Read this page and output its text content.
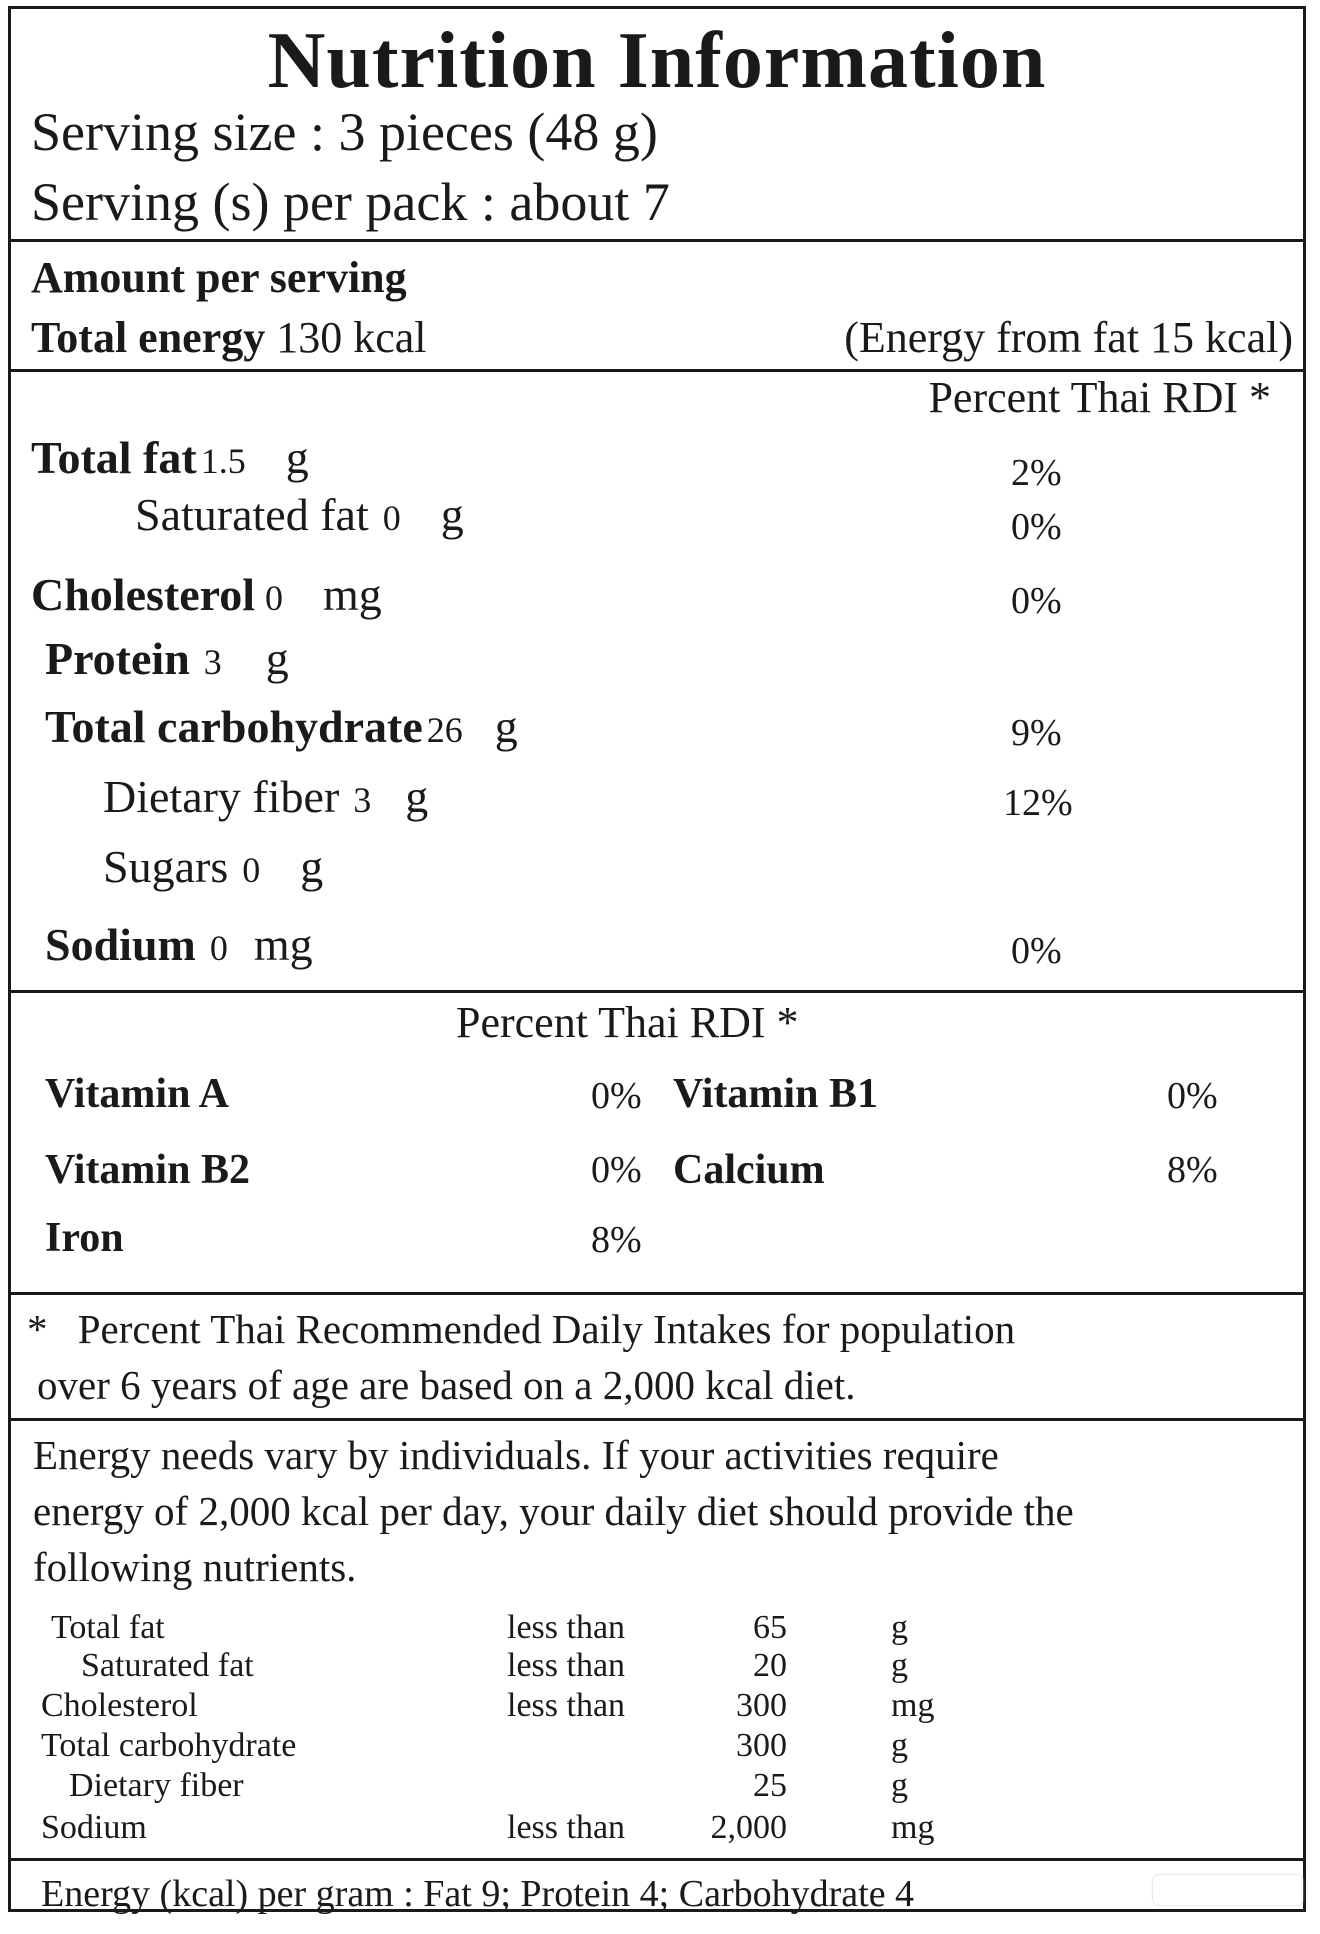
Nutrition Information
Serving size : 3 pieces (48 g)
Serving (s) per pack : about 7
Amount per serving
Total energy 130 kcal	(Energy from fat 15 kcal)
Percent Thai RDI *
Total fat 1.5 g	2%
Saturated fat 0 g	0%
Cholesterol 0 mg	0%
Protein 3 g
Total carbohydrate 26 g	9%
Dietary fiber 3 g	12%
Sugars 0 g
Sodium 0 mg	0%
Percent Thai RDI *
Vitamin A	0% Vitamin B1	0%
Vitamin B2	0% Calcium	8%
Iron	8%
* Percent Thai Recommended Daily Intakes for population
over 6 years of age are based on a 2,000 kcal diet.
Energy needs vary by individuals. If your activities require
energy of 2,000 kcal per day, your daily diet should provide the
following nutrients.
Total fat	less than	65	g
Saturated fat	less than	20	g
Cholesterol	less than	300	mg
Total carbohydrate	300	g
Dietary fiber	25	g
Sodium	less than	2,000	mg
Energy (kcal) per gram : Fat 9; Protein 4; Carbohydrate 4
